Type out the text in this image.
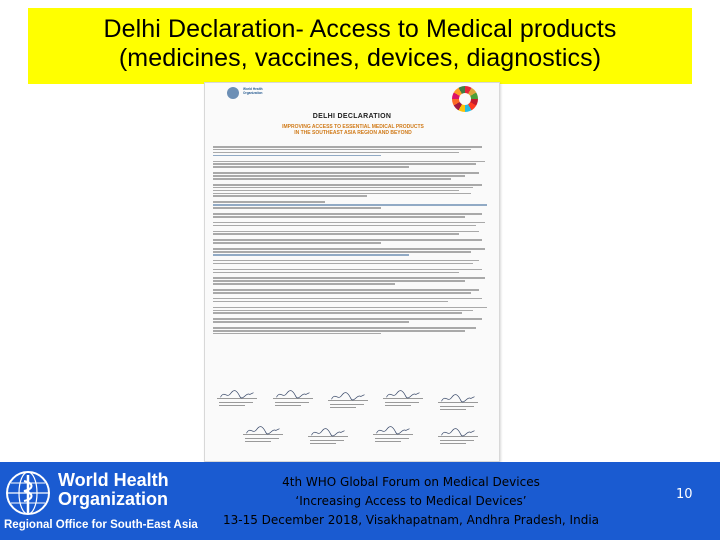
Delhi Declaration- Access to Medical products
(medicines, vaccines, devices, diagnostics)
World Health
Organization
DELHI DECLARATION
IMPROVING ACCESS TO ESSENTIAL MEDICAL PRODUCTS
IN THE SOUTHEAST ASIA REGION AND BEYOND
World Health
Organization
Regional Office for South-East Asia
4th WHO Global Forum on Medical Devices
‘Increasing Access to Medical Devices’
13-15 December 2018, Visakhapatnam, Andhra Pradesh, India
10
